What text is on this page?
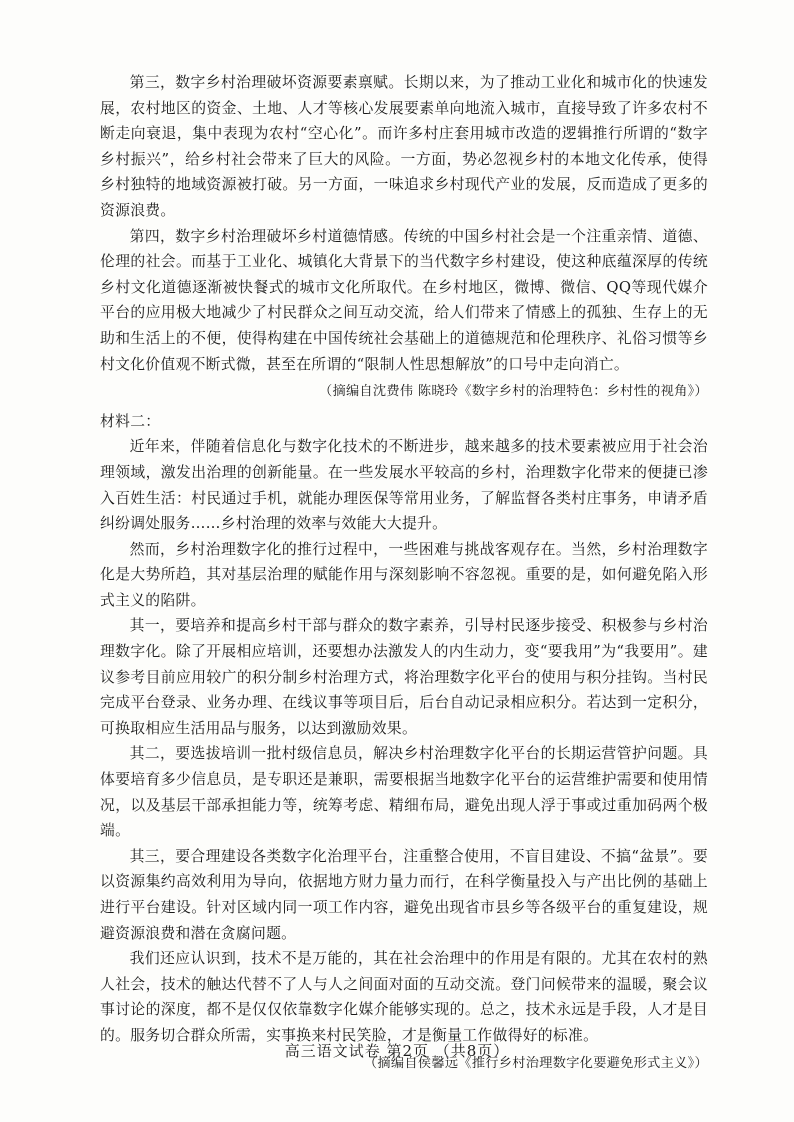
第三，数字乡村治理破坏资源要素禀赋。长期以来，为了推动工业化和城市化的快速发展，农村地区的资金、土地、人才等核心发展要素单向地流入城市，直接导致了许多农村不断走向衰退，集中表现为农村“空心化”。而许多村庄套用城市改造的逻辑推行所谓的“数字乡村振兴”，给乡村社会带来了巨大的风险。一方面，势必忽视乡村的本地文化传承，使得乡村独特的地域资源被打破。另一方面，一味追求乡村现代产业的发展，反而造成了更多的资源浪费。

第四，数字乡村治理破坏乡村道德情感。传统的中国乡村社会是一个注重亲情、道德、伦理的社会。而基于工业化、城镇化大背景下的当代数字乡村建设，使这种底蕴深厚的传统乡村文化道德逐渐被快餐式的城市文化所取代。在乡村地区，微博、微信、QQ等现代媒介平台的应用极大地减少了村民群众之间互动交流，给人们带来了情感上的孤独、生存上的无助和生活上的不便，使得构建在中国传统社会基础上的道德规范和伦理秩序、礼俗习惯等乡村文化价值观不断式微，甚至在所谓的“限制人性思想解放”的口号中走向消亡。

（摘编自沈费伟 陈晓玲《数字乡村的治理特色：乡村性的视角》）

材料二：

近年来，伴随着信息化与数字化技术的不断进步，越来越多的技术要素被应用于社会治理领域，激发出治理的创新能量。在一些发展水平较高的乡村，治理数字化带来的便捷已渗入百姓生活：村民通过手机，就能办理医保等常用业务，了解监督各类村庄事务，申请矛盾纠纷调处服务……乡村治理的效率与效能大大提升。

然而，乡村治理数字化的推行过程中，一些困难与挑战客观存在。当然，乡村治理数字化是大势所趋，其对基层治理的赋能作用与深刻影响不容忽视。重要的是，如何避免陷入形式主义的陷阱。

其一，要培养和提高乡村干部与群众的数字素养，引导村民逐步接受、积极参与乡村治理数字化。除了开展相应培训，还要想办法激发人的内生动力，变“要我用”为“我要用”。建议参考目前应用较广的积分制乡村治理方式，将治理数字化平台的使用与积分挂钩。当村民完成平台登录、业务办理、在线议事等项目后，后台自动记录相应积分。若达到一定积分，可换取相应生活用品与服务，以达到激励效果。

其二，要选拔培训一批村级信息员，解决乡村治理数字化平台的长期运营管护问题。具体要培育多少信息员，是专职还是兼职，需要根据当地数字化平台的运营维护需要和使用情况，以及基层干部承担能力等，统筹考虑、精细布局，避免出现人浮于事或过重加码两个极端。

其三，要合理建设各类数字化治理平台，注重整合使用，不盲目建设、不搞“盆景”。要以资源集约高效利用为导向，依据地方财力量力而行，在科学衡量投入与产出比例的基础上进行平台建设。针对区域内同一项工作内容，避免出现省市县乡等各级平台的重复建设，规避资源浪费和潜在贪腐问题。

我们还应认识到，技术不是万能的，其在社会治理中的作用是有限的。尤其在农村的熟人社会，技术的触达代替不了人与人之间面对面的互动交流。登门问候带来的温暖，聚会议事讨论的深度，都不是仅仅依靠数字化媒介能够实现的。总之，技术永远是手段，人才是目的。服务切合群众所需，实事换来村民笑脸，才是衡量工作做得好的标准。

（摘编自侯馨远《推行乡村治理数字化要避免形式主义》）

高三语文试卷 第2页 （共8页）
